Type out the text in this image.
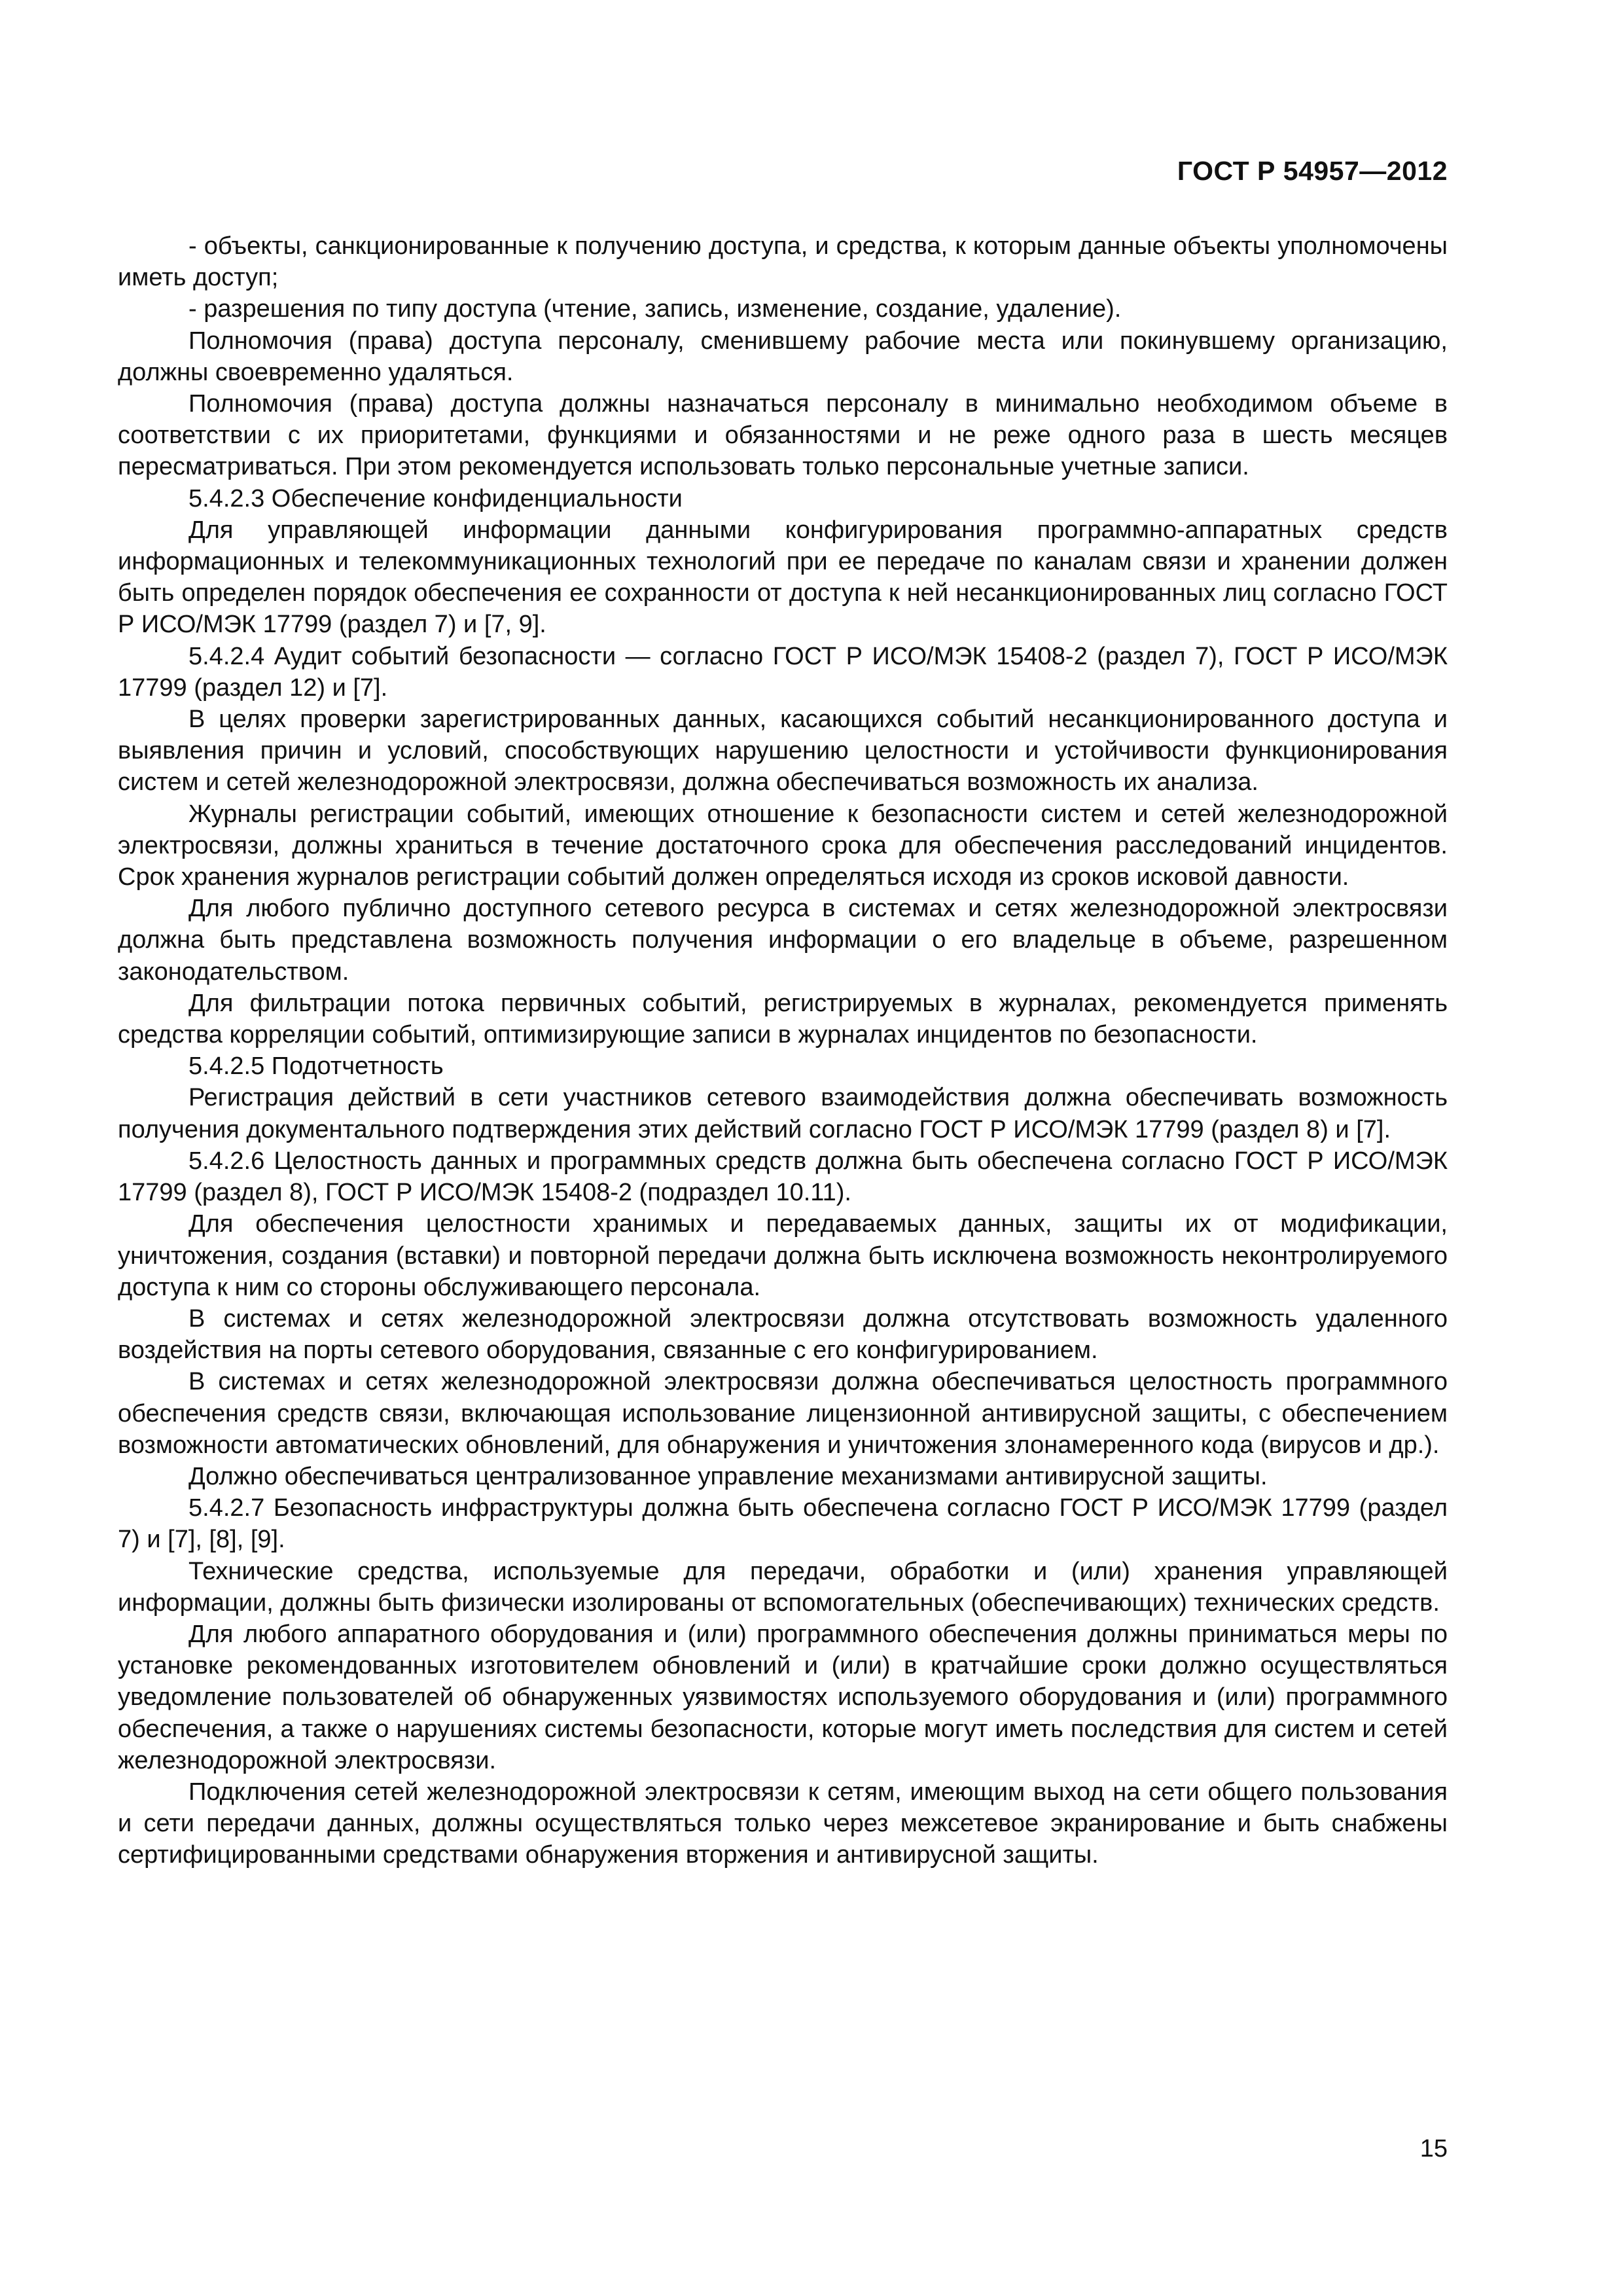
ГОСТ Р 54957—2012

- объекты, санкционированные к получению доступа, и средства, к которым данные объекты уполномочены иметь доступ;

- разрешения по типу доступа (чтение, запись, изменение, создание, удаление).

Полномочия (права) доступа персоналу, сменившему рабочие места или покинувшему организацию, должны своевременно удаляться.

Полномочия (права) доступа должны назначаться персоналу в минимально необходимом объеме в соответствии с их приоритетами, функциями и обязанностями и не реже одного раза в шесть месяцев пересматриваться. При этом рекомендуется использовать только персональные учетные записи.

5.4.2.3 Обеспечение конфиденциальности

Для управляющей информации данными конфигурирования программно-аппаратных средств информационных и телекоммуникационных технологий при ее передаче по каналам связи и хранении должен быть определен порядок обеспечения ее сохранности от доступа к ней несанкционированных лиц согласно ГОСТ Р ИСО/МЭК 17799 (раздел 7) и [7, 9].

5.4.2.4 Аудит событий безопасности — согласно ГОСТ Р ИСО/МЭК 15408-2 (раздел 7), ГОСТ Р ИСО/МЭК 17799 (раздел 12) и [7].

В целях проверки зарегистрированных данных, касающихся событий несанкционированного доступа и выявления причин и условий, способствующих нарушению целостности и устойчивости функционирования систем и сетей железнодорожной электросвязи, должна обеспечиваться возможность их анализа.

Журналы регистрации событий, имеющих отношение к безопасности систем и сетей железнодорожной электросвязи, должны храниться в течение достаточного срока для обеспечения расследований инцидентов. Срок хранения журналов регистрации событий должен определяться исходя из сроков исковой давности.

Для любого публично доступного сетевого ресурса в системах и сетях железнодорожной электросвязи должна быть представлена возможность получения информации о его владельце в объеме, разрешенном законодательством.

Для фильтрации потока первичных событий, регистрируемых в журналах, рекомендуется применять средства корреляции событий, оптимизирующие записи в журналах инцидентов по безопасности.

5.4.2.5 Подотчетность

Регистрация действий в сети участников сетевого взаимодействия должна обеспечивать возможность получения документального подтверждения этих действий согласно ГОСТ Р ИСО/МЭК 17799 (раздел 8) и [7].

5.4.2.6 Целостность данных и программных средств должна быть обеспечена согласно ГОСТ Р ИСО/МЭК 17799 (раздел 8), ГОСТ Р ИСО/МЭК 15408-2 (подраздел 10.11).

Для обеспечения целостности хранимых и передаваемых данных, защиты их от модификации, уничтожения, создания (вставки) и повторной передачи должна быть исключена возможность неконтролируемого доступа к ним со стороны обслуживающего персонала.

В системах и сетях железнодорожной электросвязи должна отсутствовать возможность удаленного воздействия на порты сетевого оборудования, связанные с его конфигурированием.

В системах и сетях железнодорожной электросвязи должна обеспечиваться целостность программного обеспечения средств связи, включающая использование лицензионной антивирусной защиты, с обеспечением возможности автоматических обновлений, для обнаружения и уничтожения злонамеренного кода (вирусов и др.).

Должно обеспечиваться централизованное управление механизмами антивирусной защиты.

5.4.2.7 Безопасность инфраструктуры должна быть обеспечена согласно ГОСТ Р ИСО/МЭК 17799 (раздел 7) и [7], [8], [9].

Технические средства, используемые для передачи, обработки и (или) хранения управляющей информации, должны быть физически изолированы от вспомогательных (обеспечивающих) технических средств.

Для любого аппаратного оборудования и (или) программного обеспечения должны приниматься меры по установке рекомендованных изготовителем обновлений и (или) в кратчайшие сроки должно осуществляться уведомление пользователей об обнаруженных уязвимостях используемого оборудования и (или) программного обеспечения, а также о нарушениях системы безопасности, которые могут иметь последствия для систем и сетей железнодорожной электросвязи.

Подключения сетей железнодорожной электросвязи к сетям, имеющим выход на сети общего пользования и сети передачи данных, должны осуществляться только через межсетевое экранирование и быть снабжены сертифицированными средствами обнаружения вторжения и антивирусной защиты.

15
